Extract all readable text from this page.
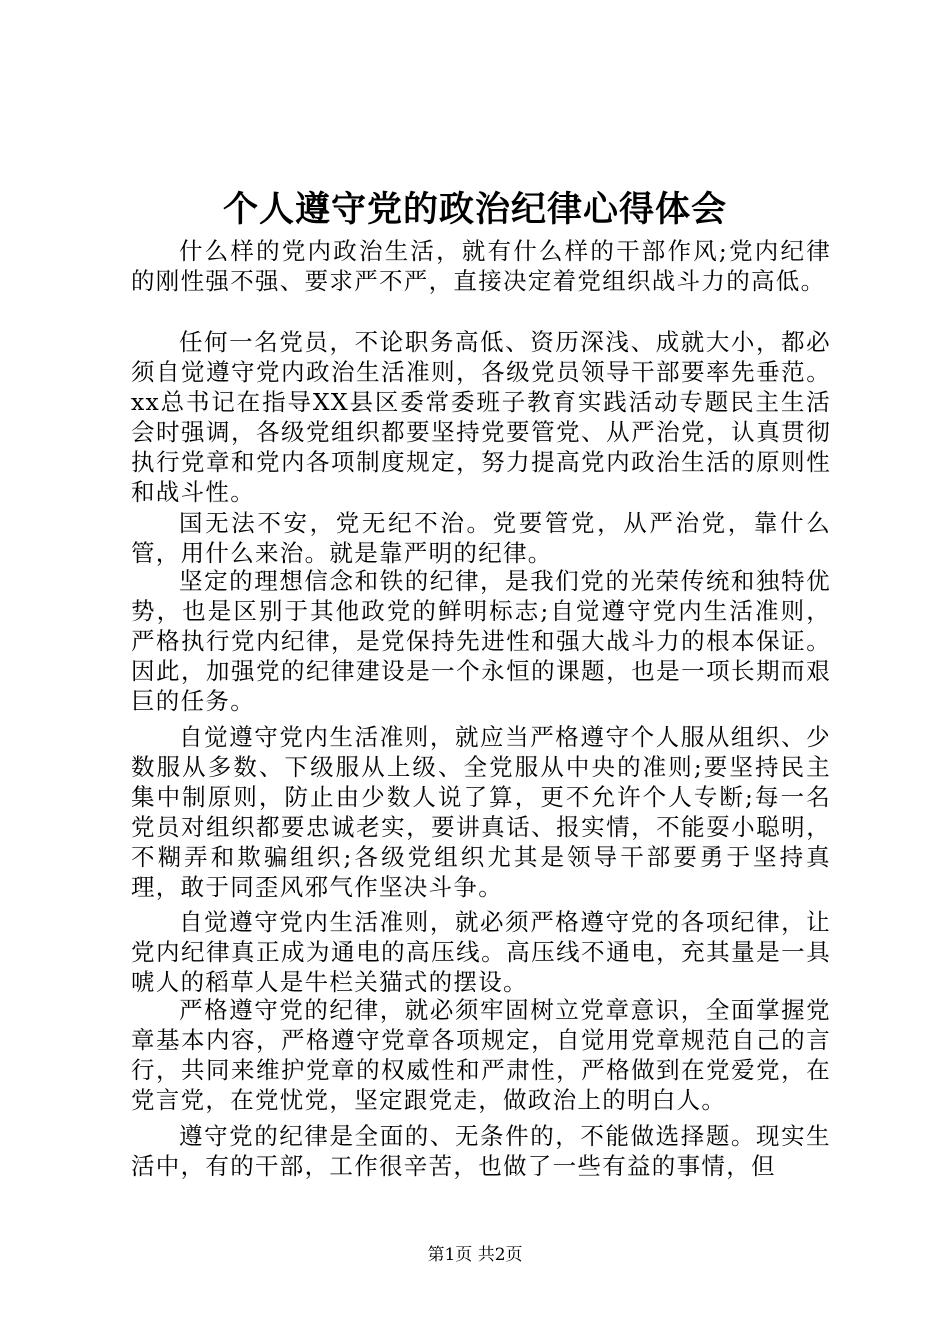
个人遵守党的政治纪律心得体会

什么样的党内政治生活，就有什么样的干部作风;党内纪律的刚性强不强、要求严不严，直接决定着党组织战斗力的高低。

任何一名党员，不论职务高低、资历深浅、成就大小，都必须自觉遵守党内政治生活准则，各级党员领导干部要率先垂范。xx总书记在指导XX县区委常委班子教育实践活动专题民主生活会时强调，各级党组织都要坚持党要管党、从严治党，认真贯彻执行党章和党内各项制度规定，努力提高党内政治生活的原则性和战斗性。

国无法不安，党无纪不治。党要管党，从严治党，靠什么管，用什么来治。就是靠严明的纪律。

坚定的理想信念和铁的纪律，是我们党的光荣传统和独特优势，也是区别于其他政党的鲜明标志;自觉遵守党内生活准则，严格执行党内纪律，是党保持先进性和强大战斗力的根本保证。因此，加强党的纪律建设是一个永恒的课题，也是一项长期而艰巨的任务。

自觉遵守党内生活准则，就应当严格遵守个人服从组织、少数服从多数、下级服从上级、全党服从中央的准则;要坚持民主集中制原则，防止由少数人说了算，更不允许个人专断;每一名党员对组织都要忠诚老实，要讲真话、报实情，不能耍小聪明，不糊弄和欺骗组织;各级党组织尤其是领导干部要勇于坚持真理，敢于同歪风邪气作坚决斗争。

自觉遵守党内生活准则，就必须严格遵守党的各项纪律，让党内纪律真正成为通电的高压线。高压线不通电，充其量是一具唬人的稻草人是牛栏关猫式的摆设。

严格遵守党的纪律，就必须牢固树立党章意识，全面掌握党章基本内容，严格遵守党章各项规定，自觉用党章规范自己的言行，共同来维护党章的权威性和严肃性，严格做到在党爱党，在党言党，在党忧党，坚定跟党走，做政治上的明白人。

遵守党的纪律是全面的、无条件的，不能做选择题。现实生活中，有的干部，工作很辛苦，也做了一些有益的事情，但

第1页 共2页
